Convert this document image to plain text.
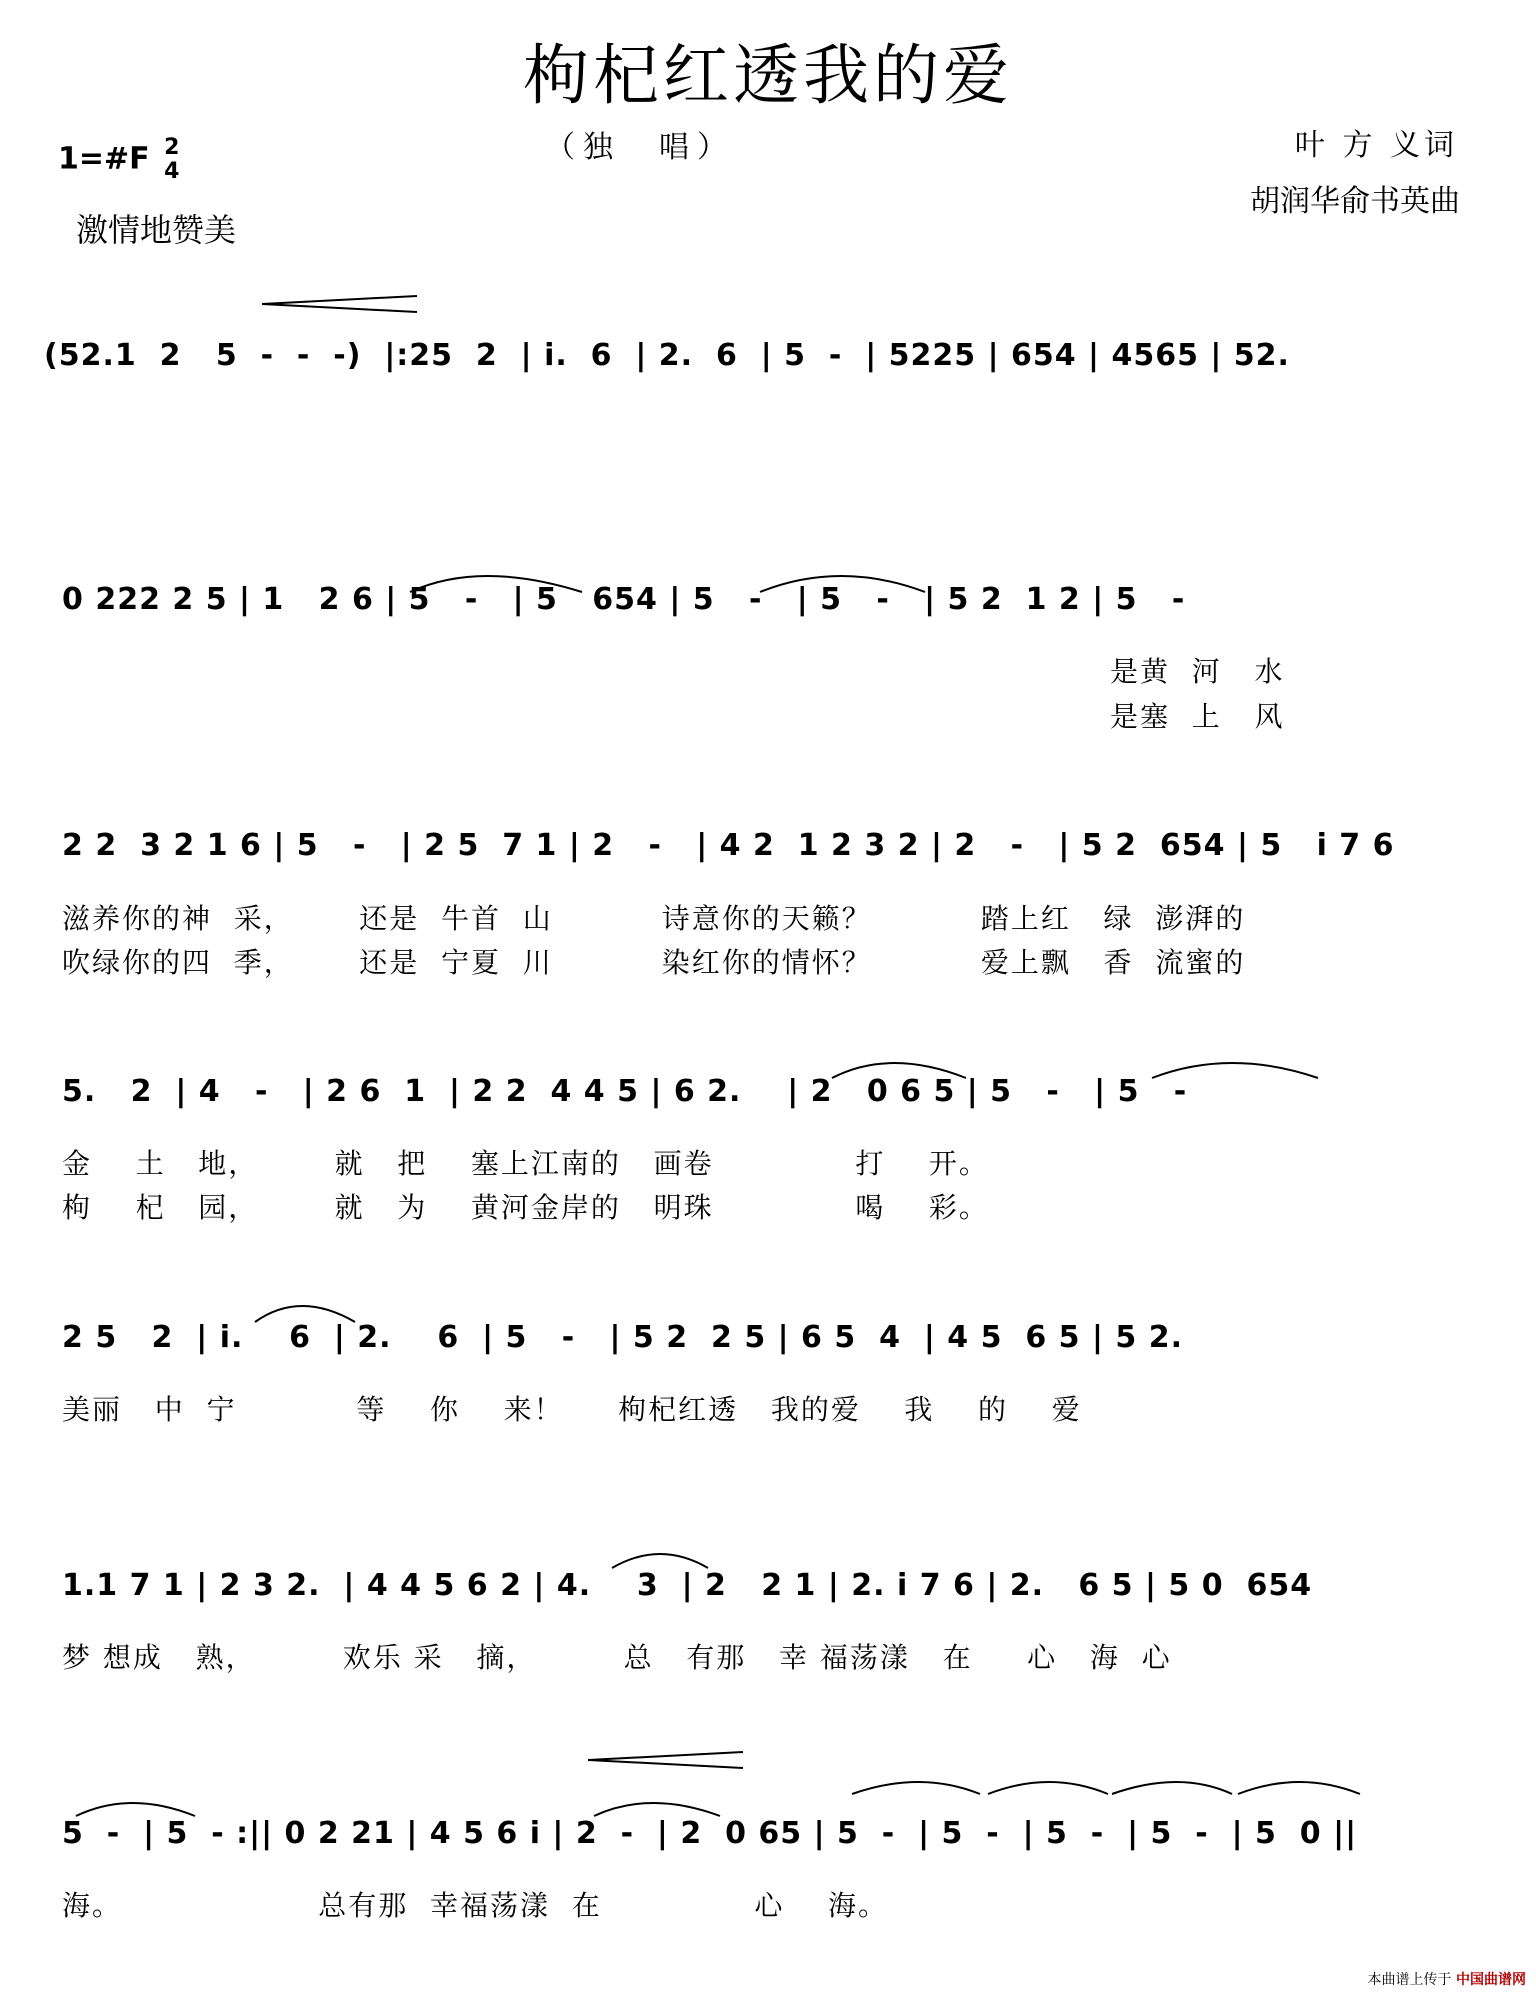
枸杞红透我的爱
1=#F 2
4
（独　唱）
激情地赞美
叶 方 义词
胡润华俞书英曲
(52.1  2   5  -  -  -)  |:25  2  | i.  6  | 2.  6  | 5  -  | 5225 | 654 | 4565 | 52.
0 222 2 5 | 1   2 6 | 5   -   | 5   654 | 5   -   | 5   -   | 5 2  1 2 | 5   -
是黄  河   水
是塞  上   风
2 2  3 2 1 6 | 5   -   | 2 5  7 1 | 2   -   | 4 2  1 2 3 2 | 2   -   | 5 2  654 | 5   i 7 6
滋养你的神  采，      还是  牛首  山          诗意你的天籁？          踏上红   绿  澎湃的
吹绿你的四  季，      还是  宁夏  川          染红你的情怀？          爱上飘   香  流蜜的
5.   2  | 4   -   | 2 6  1  | 2 2  4 4 5 | 6 2.    | 2   0 6 5 | 5   -   | 5   -
金    土   地，       就   把    塞上江南的   画卷             打    开。
枸    杞   园，       就   为    黄河金岸的   明珠             喝    彩。
2 5   2  | i.    6  | 2.    6  | 5   -   | 5 2  2 5 | 6 5  4  | 4 5  6 5 | 5 2.
美丽   中  宁           等    你    来！     枸杞红透   我的爱    我    的    爱
1.1 7 1 | 2 3 2.  | 4 4 5 6 2 | 4.    3  | 2   2 1 | 2. i 7 6 | 2.   6 5 | 5 0  654
梦 想成   熟，        欢乐 采   摘，        总   有那   幸 福荡漾   在     心   海  心
5  -  | 5  - :|| 0 2 21 | 4 5 6 i | 2  -  | 2  0 65 | 5  -  | 5  -  | 5  -  | 5  -  | 5  0 ||
海。                  总有那  幸福荡漾  在              心    海。
本曲谱上传于 中国曲谱网
